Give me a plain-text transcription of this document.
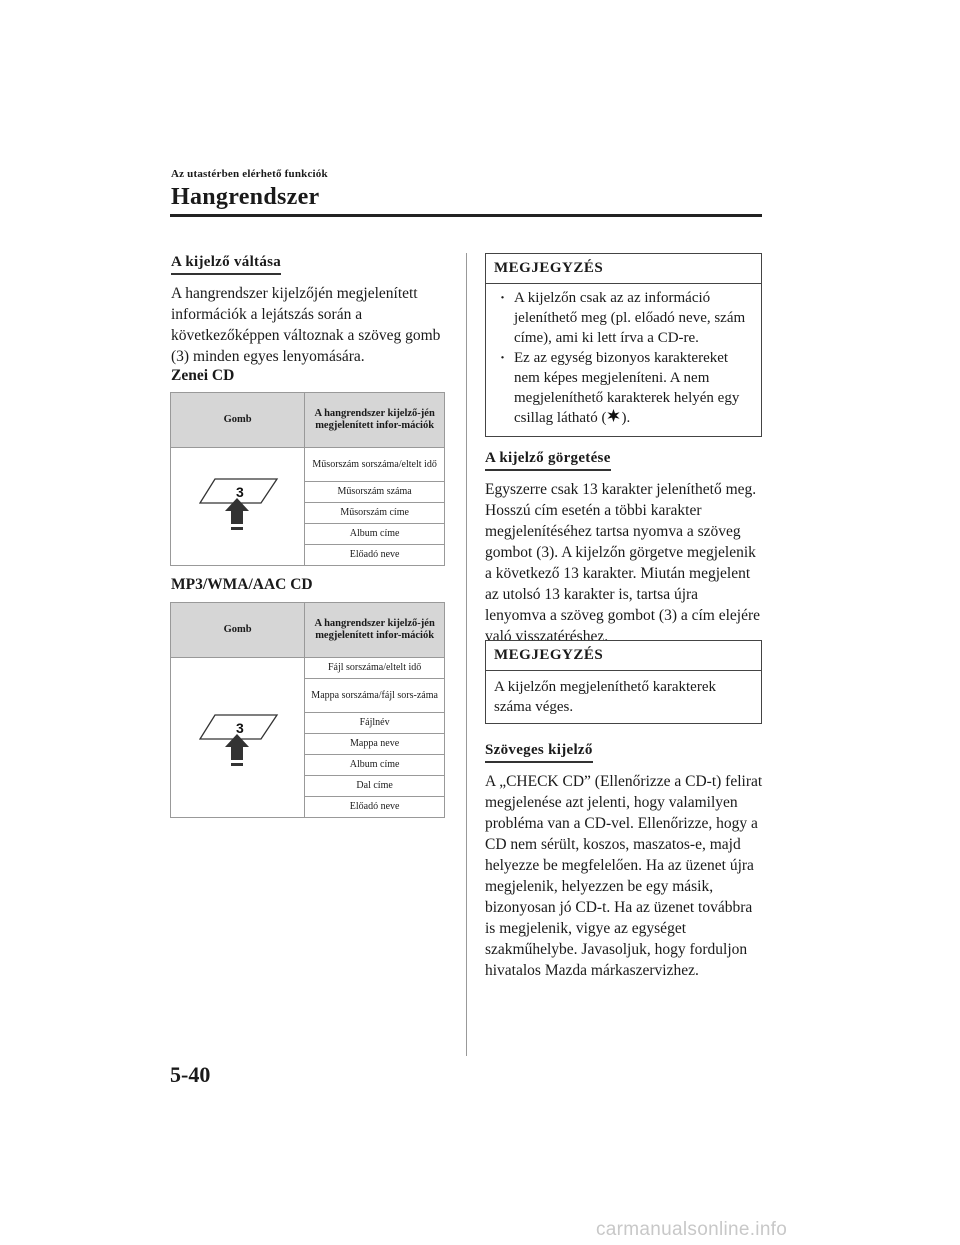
Az utastérben elérhető funkciók
Hangrendszer
A kijelző váltása
A hangrendszer kijelzőjén megjelenített információk a lejátszás során a következőképpen változnak a szöveg gomb (3) minden egyes lenyomására.
Zenei CD
Gomb	A hangrendszer kijelző-jén megjelenített infor-mációk

3	Műsorszám sorszáma/eltelt idő
	Műsorszám száma
	Műsorszám címe
	Album címe
	Előadó neve
MP3/WMA/AAC CD
Gomb	A hangrendszer kijelző-jén megjelenített infor-mációk

3	Fájl sorszáma/eltelt idő
	Mappa sorszáma/fájl sors-záma
	Fájlnév
	Mappa neve
	Album címe
	Dal címe
	Előadó neve
MEGJEGYZÉS
· A kijelzőn csak az az információ jeleníthető meg (pl. előadó neve, szám címe), ami ki lett írva a CD-re.
· Ez az egység bizonyos karaktereket nem képes megjeleníteni. A nem megjeleníthető karakterek helyén egy csillag látható ( ).
A kijelző görgetése
Egyszerre csak 13 karakter jeleníthető meg. Hosszú cím esetén a többi karakter megjelenítéséhez tartsa nyomva a szöveg gombot (3). A kijelzőn görgetve megjelenik a következő 13 karakter. Miután megjelent az utolsó 13 karakter is, tartsa újra lenyomva a szöveg gombot (3) a cím elejére való visszatéréshez.
MEGJEGYZÉS
A kijelzőn megjeleníthető karakterek száma véges.
Szöveges kijelző
A „CHECK CD” (Ellenőrizze a CD-t) felirat megjelenése azt jelenti, hogy valamilyen probléma van a CD-vel. Ellenőrizze, hogy a CD nem sérült, koszos, maszatos-e, majd helyezze be megfelelően. Ha az üzenet újra megjelenik, helyezzen be egy másik, bizonyosan jó CD-t. Ha az üzenet továbbra is megjelenik, vigye az egységet szakműhelybe. Javasoljuk, hogy forduljon hivatalos Mazda márkaszervizhez.
5-40
carmanualsonline.info
